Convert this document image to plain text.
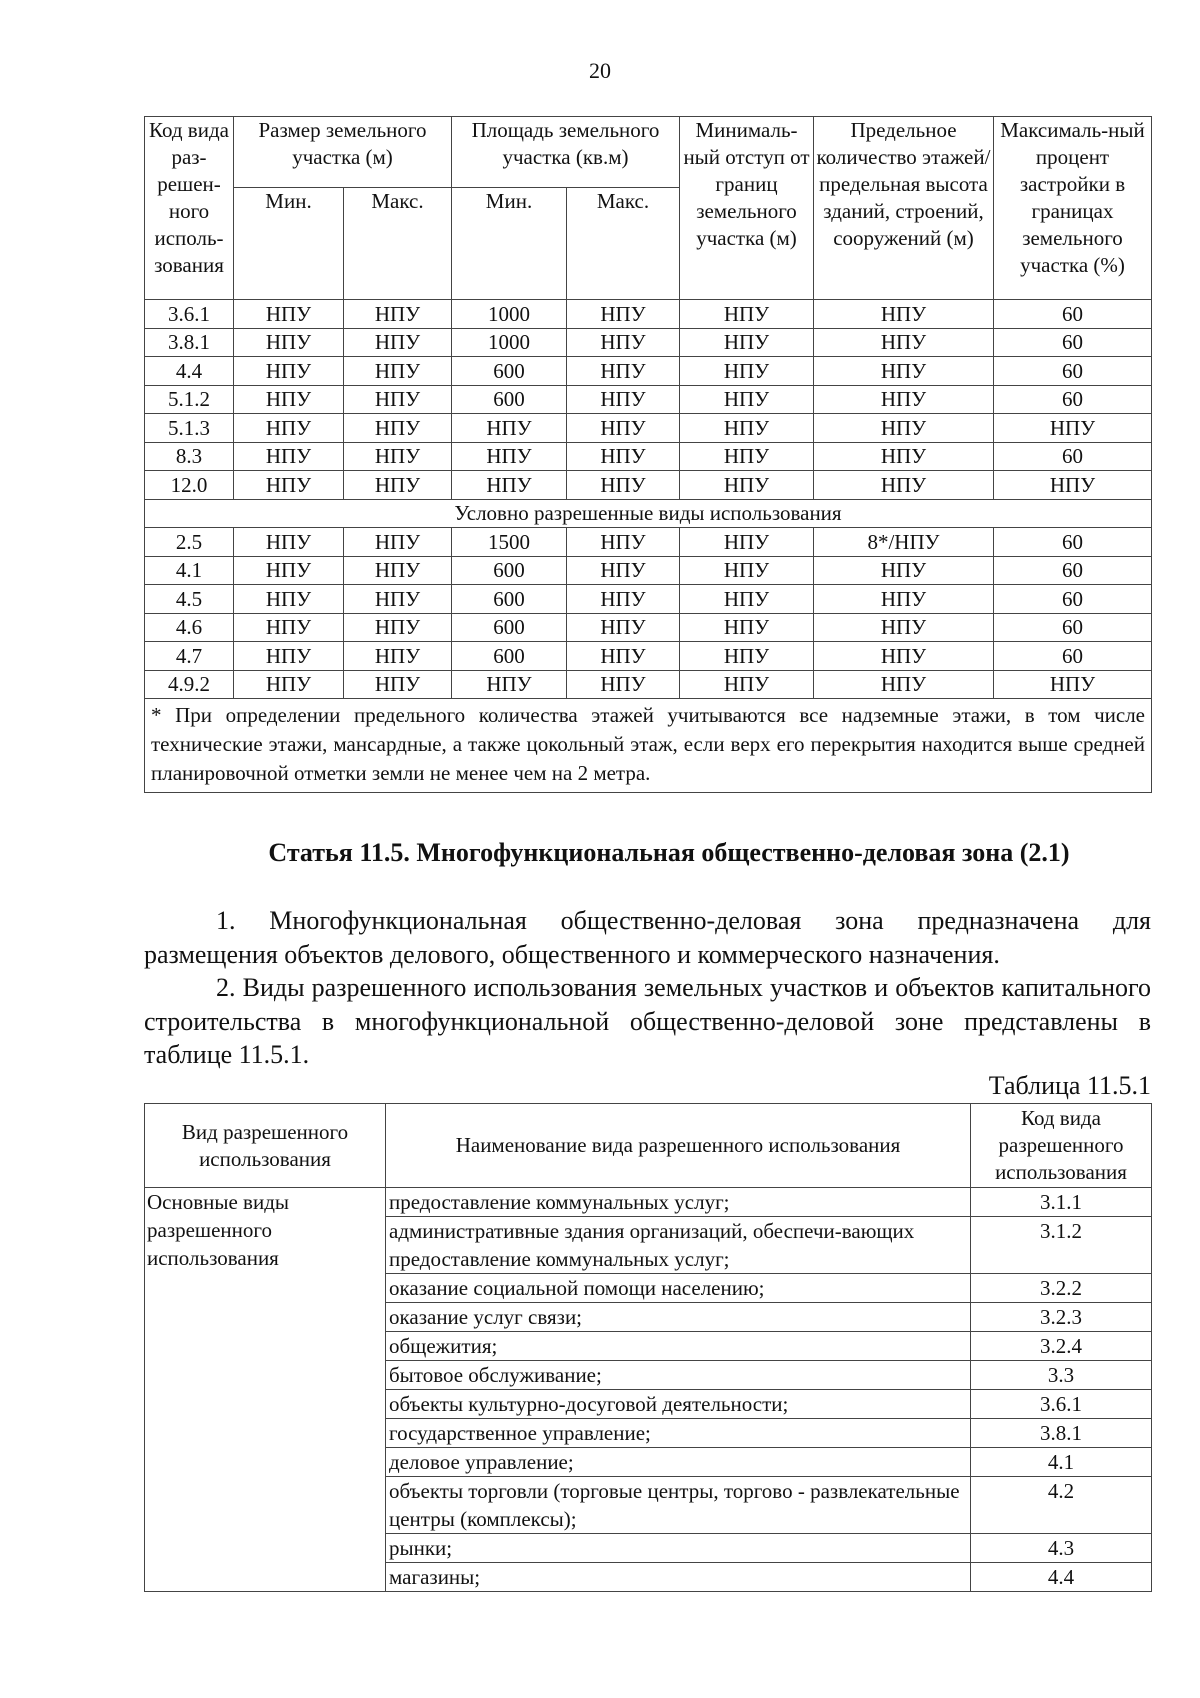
20
Код вида раз-решен-ного исполь-зования	Размер земельного участка (м)		Площадь земельного участка (кв.м)		Минималь-ный отступ от границ земельного участка (м)	Предельное количество этажей/ предельная высота зданий, строений, сооружений (м)	Максималь-ный процент застройки в границах земельного участка (%)
	Мин.	Макс.	Мин.	Макс.			
3.6.1	НПУ	НПУ	1000	НПУ	НПУ	НПУ	60
3.8.1	НПУ	НПУ	1000	НПУ	НПУ	НПУ	60
4.4	НПУ	НПУ	600	НПУ	НПУ	НПУ	60
5.1.2	НПУ	НПУ	600	НПУ	НПУ	НПУ	60
5.1.3	НПУ	НПУ	НПУ	НПУ	НПУ	НПУ	НПУ
8.3	НПУ	НПУ	НПУ	НПУ	НПУ	НПУ	60
12.0	НПУ	НПУ	НПУ	НПУ	НПУ	НПУ	НПУ
Условно разрешенные виды использования							
2.5	НПУ	НПУ	1500	НПУ	НПУ	8*/НПУ	60
4.1	НПУ	НПУ	600	НПУ	НПУ	НПУ	60
4.5	НПУ	НПУ	600	НПУ	НПУ	НПУ	60
4.6	НПУ	НПУ	600	НПУ	НПУ	НПУ	60
4.7	НПУ	НПУ	600	НПУ	НПУ	НПУ	60
4.9.2	НПУ	НПУ	НПУ	НПУ	НПУ	НПУ	НПУ
* При определении предельного количества этажей учитываются все надземные этажи, в том числе технические этажи, мансардные, а также цокольный этаж, если верх его перекрытия находится выше средней планировочной отметки земли не менее чем на 2 метра.							
Статья 11.5. Многофункциональная общественно-деловая зона (2.1)

1. Многофункциональная общественно-деловая зона предназначена для размещения объектов делового, общественного и коммерческого назначения.

2. Виды разрешенного использования земельных участков и объектов капитального строительства в многофункциональной общественно-деловой зоне представлены в таблице 11.5.1.

Таблица 11.5.1
Вид разрешенного использования	Наименование вида разрешенного использования	Код вида разрешенного использования
Основные виды разрешенного использования	предоставление коммунальных услуг;	3.1.1
	административные здания организаций, обеспечи-вающих предоставление коммунальных услуг;	3.1.2
	оказание социальной помощи населению;	3.2.2
	оказание услуг связи;	3.2.3
	общежития;	3.2.4
	бытовое обслуживание;	3.3
	объекты культурно-досуговой деятельности;	3.6.1
	государственное управление;	3.8.1
	деловое управление;	4.1
	объекты торговли (торговые центры, торгово - развлекательные центры (комплексы);	4.2
	рынки;	4.3
	магазины;	4.4
